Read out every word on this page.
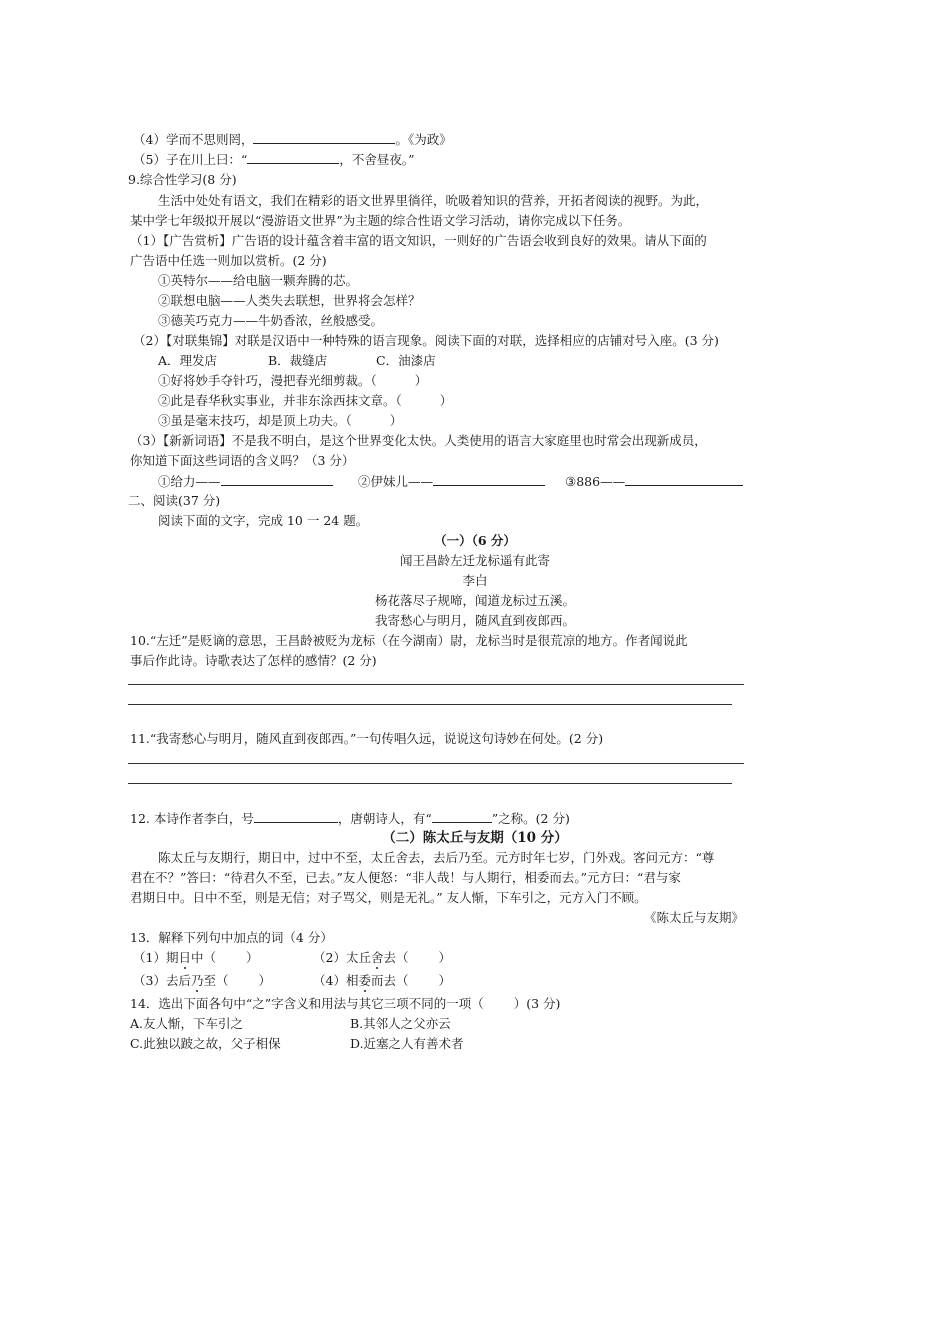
（4）学而不思则罔，	。《为政》
（5）子在川上曰：“	，不舍昼夜。”
9.综合性学习(8 分)
生活中处处有语文，我们在精彩的语文世界里徜徉，吮吸着知识的营养，开拓者阅读的视野。为此，
某中学七年级拟开展以“漫游语文世界”为主题的综合性语文学习活动，请你完成以下任务。
（1）【广告赏析】广告语的设计蕴含着丰富的语文知识，一则好的广告语会收到良好的效果。请从下面的
广告语中任选一则加以赏析。(2 分)
①英特尔——给电脑一颗奔腾的芯。
②联想电脑——人类失去联想，世界将会怎样？
③德芙巧克力——牛奶香浓，丝般感受。
（2）【对联集锦】对联是汉语中一种特殊的语言现象。阅读下面的对联，选择相应的店铺对号入座。(3 分)
A．理发店	B．裁缝店	C．油漆店
①好将妙手夺针巧，漫把春光细剪裁。（	）
②此是春华秋实事业，并非东涂西抹文章。（	）
③虽是毫末技巧，却是顶上功夫。（	）
（3）【新新词语】不是我不明白，是这个世界变化太快。人类使用的语言大家庭里也时常会出现新成员，
你知道下面这些词语的含义吗？（3 分）
①给力——	②伊妹儿——	③886——
二、阅读(37 分)
阅读下面的文字，完成 10 一 24 题。
（一）（6 分）
闻王昌龄左迁龙标遥有此寄
李白
杨花落尽子规啼，闻道龙标过五溪。
我寄愁心与明月，随风直到夜郎西。
10.“左迁”是贬谪的意思，王昌龄被贬为龙标（在今湖南）尉，龙标当时是很荒凉的地方。作者闻说此
事后作此诗。诗歌表达了怎样的感情？(2 分)
11.“我寄愁心与明月，随风直到夜郎西。”一句传唱久远，说说这句诗妙在何处。(2 分)
12. 本诗作者李白，号	，唐朝诗人，有“	”之称。(2 分)
（二）陈太丘与友期（10 分）
陈太丘与友期行，期日中，过中不至，太丘舍去，去后乃至。元方时年七岁，门外戏。客问元方：“尊
君在不？”答曰：“待君久不至，已去。”友人便怒：“非人哉！与人期行，相委而去。”元方曰：“君与家
君期日中。日中不至，则是无信；对子骂父，则是无礼。” 友人惭，下车引之，元方入门不顾。
《陈太丘与友期》
13．解释下列句中加点的词（4 分）
（1）期日中（ ）	（2）太丘舍去（ ）
（3）去后乃至（ ）	（4）相委而去（ ）
14．选出下面各句中“之”字含义和用法与其它三项不同的一项（ ）(3 分)
A.友人惭，下车引之	B.其邻人之父亦云
C.此独以跛之故，父子相保	D.近塞之人有善术者
